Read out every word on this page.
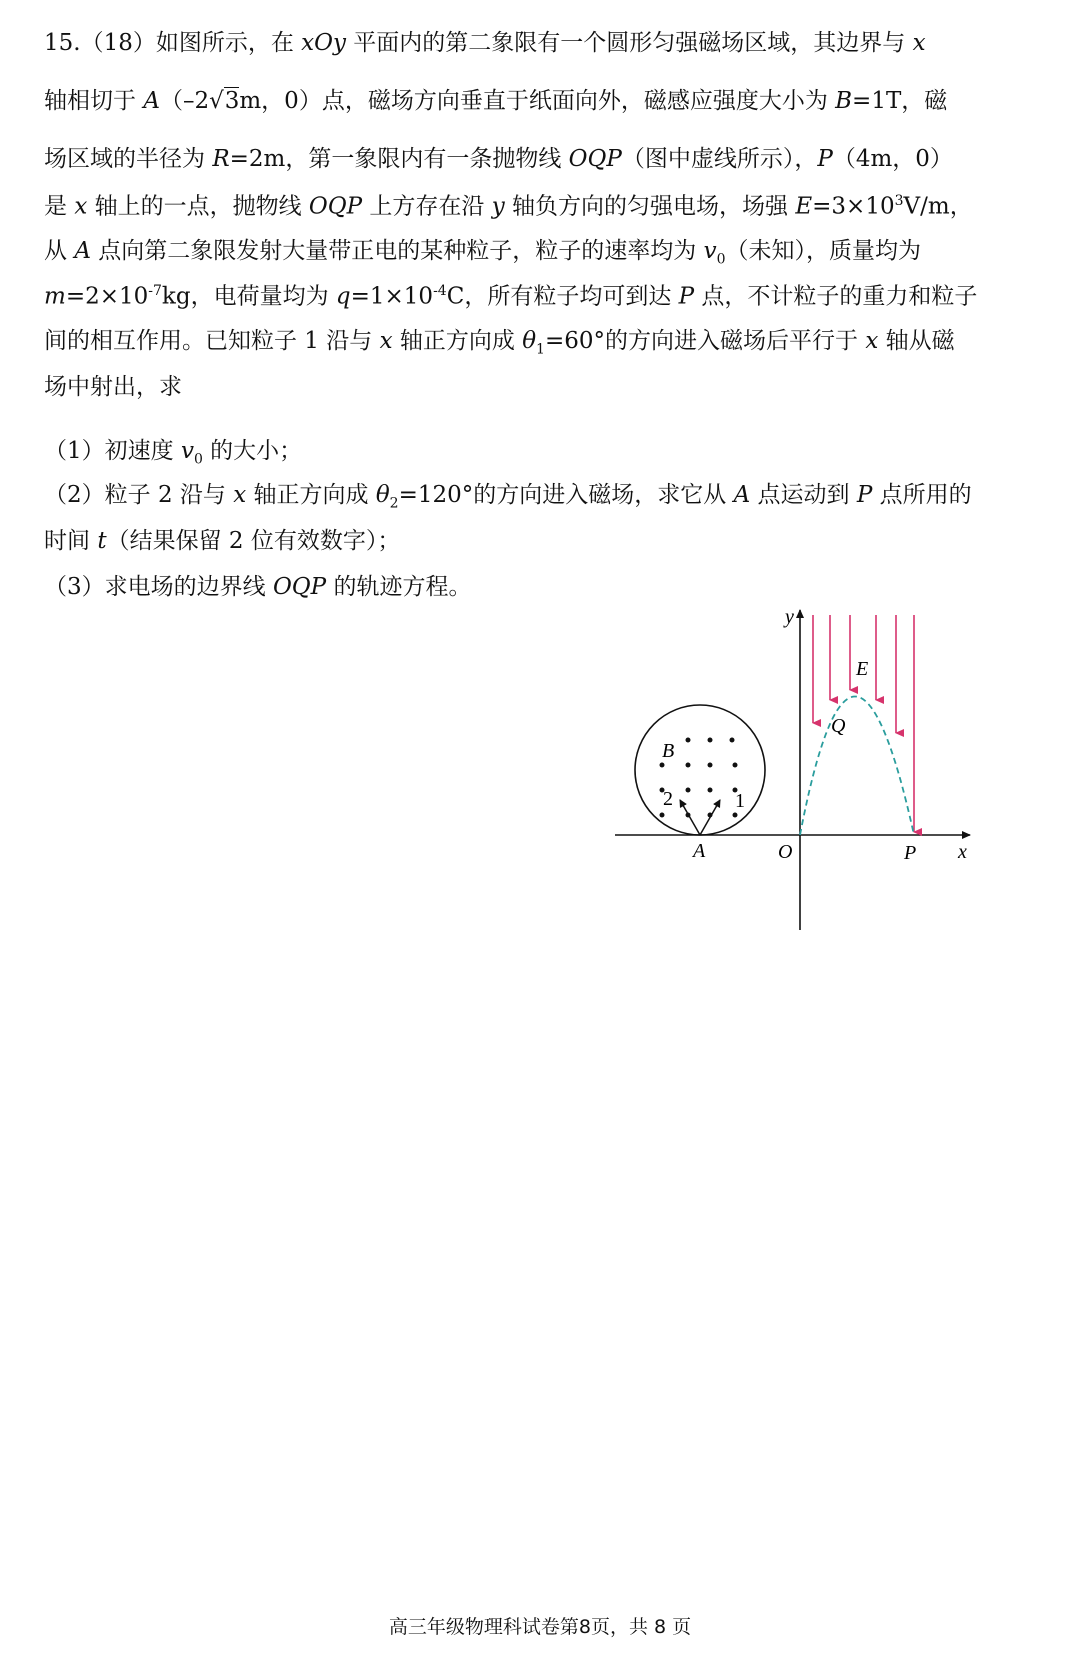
15.（18）如图所示，在 xOy 平面内的第二象限有一个圆形匀强磁场区域，其边界与 x
轴相切于 A（–2√3m，0）点，磁场方向垂直于纸面向外，磁感应强度大小为 B=1T，磁
场区域的半径为 R=2m，第一象限内有一条抛物线 OQP（图中虚线所示），P（4m，0）
是 x 轴上的一点，抛物线 OQP 上方存在沿 y 轴负方向的匀强电场，场强 $E=3\times 10^3V/m$，
从 A 点向第二象限发射大量带正电的某种粒子，粒子的速率均为 $v_0$（未知），质量均为
$m=2\times 10^{-7}kg$，电荷量均为 $q=1\times 10^{-4}C$，所有粒子均可到达 P 点，不计粒子的重力和粒子
间的相互作用。已知粒子 1 沿与 x 轴正方向成 $\theta_1=60^\circ$的方向进入磁场后平行于 x 轴从磁
场中射出，求
（1）初速度 $v_0$ 的大小；
（2）粒子 2 沿与 x 轴正方向成 $\theta_2=120^\circ$的方向进入磁场，求它从 A 点运动到 P 点所用的
时间 t（结果保留 2 位有效数字）；
（3）求电场的边界线 OQP 的轨迹方程。
y
x
O	P
A
B
E
Q
1
2
高三年级物理科试卷第8页，共 8 页
